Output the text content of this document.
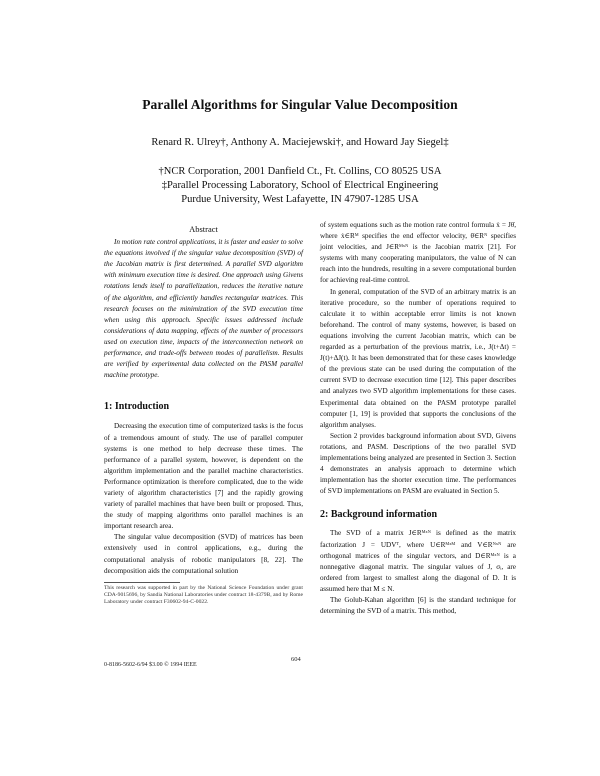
Parallel Algorithms for Singular Value Decomposition
Renard R. Ulrey†, Anthony A. Maciejewski†, and Howard Jay Siegel‡
†NCR Corporation, 2001 Danfield Ct., Ft. Collins, CO 80525 USA
‡Parallel Processing Laboratory, School of Electrical Engineering
Purdue University, West Lafayette, IN 47907-1285 USA
Abstract

In motion rate control applications, it is faster and easier to solve the equations involved if the singular value decomposition (SVD) of the Jacobian matrix is first determined. A parallel SVD algorithm with minimum execution time is desired. One approach using Givens rotations lends itself to parallelization, reduces the iterative nature of the algorithm, and efficiently handles rectangular matrices. This research focuses on the minimization of the SVD execution time when using this approach. Specific issues addressed include considerations of data mapping, effects of the number of processors used on execution time, impacts of the interconnection network on performance, and trade-offs between modes of parallelism. Results are verified by experimental data collected on the PASM parallel machine prototype.

1: Introduction

Decreasing the execution time of computerized tasks is the focus of a tremendous amount of study. The use of parallel computer systems is one method to help decrease these times. The performance of a parallel system, however, is dependent on the algorithm implementation and the parallel machine characteristics. Performance optimization is therefore complicated, due to the wide variety of algorithm characteristics [7] and the rapidly growing variety of parallel machines that have been built or proposed. Thus, the study of mapping algorithms onto parallel machines is an important research area.

The singular value decomposition (SVD) of matrices has been extensively used in control applications, e.g., during the computational analysis of robotic manipulators [8, 22]. The decomposition aids the computational solution

This research was supported in part by the National Science Foundation under grant CDA-9015696, by Sandia National Laboratories under contract 18-4379B, and by Rome Laboratory under contract F30602-94-C-0022.

of system equations such as the motion rate control formula ẋ = Jθ̇, where ẋ∈Rᴹ specifies the end effector velocity, θ̇∈Rᴺ specifies joint velocities, and J∈Rᴹˣᴺ is the Jacobian matrix [21]. For systems with many cooperating manipulators, the value of N can reach into the hundreds, resulting in a severe computational burden for achieving real-time control.

In general, computation of the SVD of an arbitrary matrix is an iterative procedure, so the number of operations required to calculate it to within acceptable error limits is not known beforehand. The control of many systems, however, is based on equations involving the current Jacobian matrix, which can be regarded as a perturbation of the previous matrix, i.e., J(t+Δt) = J(t)+ΔJ(t). It has been demonstrated that for these cases knowledge of the previous state can be used during the computation of the current SVD to decrease execution time [12]. This paper describes and analyzes two SVD algorithm implementations for these cases. Experimental data obtained on the PASM prototype parallel computer [1, 19] is provided that supports the conclusions of the algorithm analyses.

Section 2 provides background information about SVD, Givens rotations, and PASM. Descriptions of the two parallel SVD implementations being analyzed are presented in Section 3. Section 4 demonstrates an analysis approach to determine which implementation has the shorter execution time. The performances of SVD implementations on PASM are evaluated in Section 5.

2: Background information

The SVD of a matrix J∈Rᴹˣᴺ is defined as the matrix factorization J = UDVᵀ, where U∈Rᴹˣᴹ and V∈Rᴺˣᴺ are orthogonal matrices of the singular vectors, and D∈Rᴹˣᴺ is a nonnegative diagonal matrix. The singular values of J, σᵢ, are ordered from largest to smallest along the diagonal of D. It is assumed here that M ≤ N.

The Golub-Kahan algorithm [6] is the standard technique for determining the SVD of a matrix. This method,

0-8186-5602-6/94 $3.00 © 1994 IEEE
604
